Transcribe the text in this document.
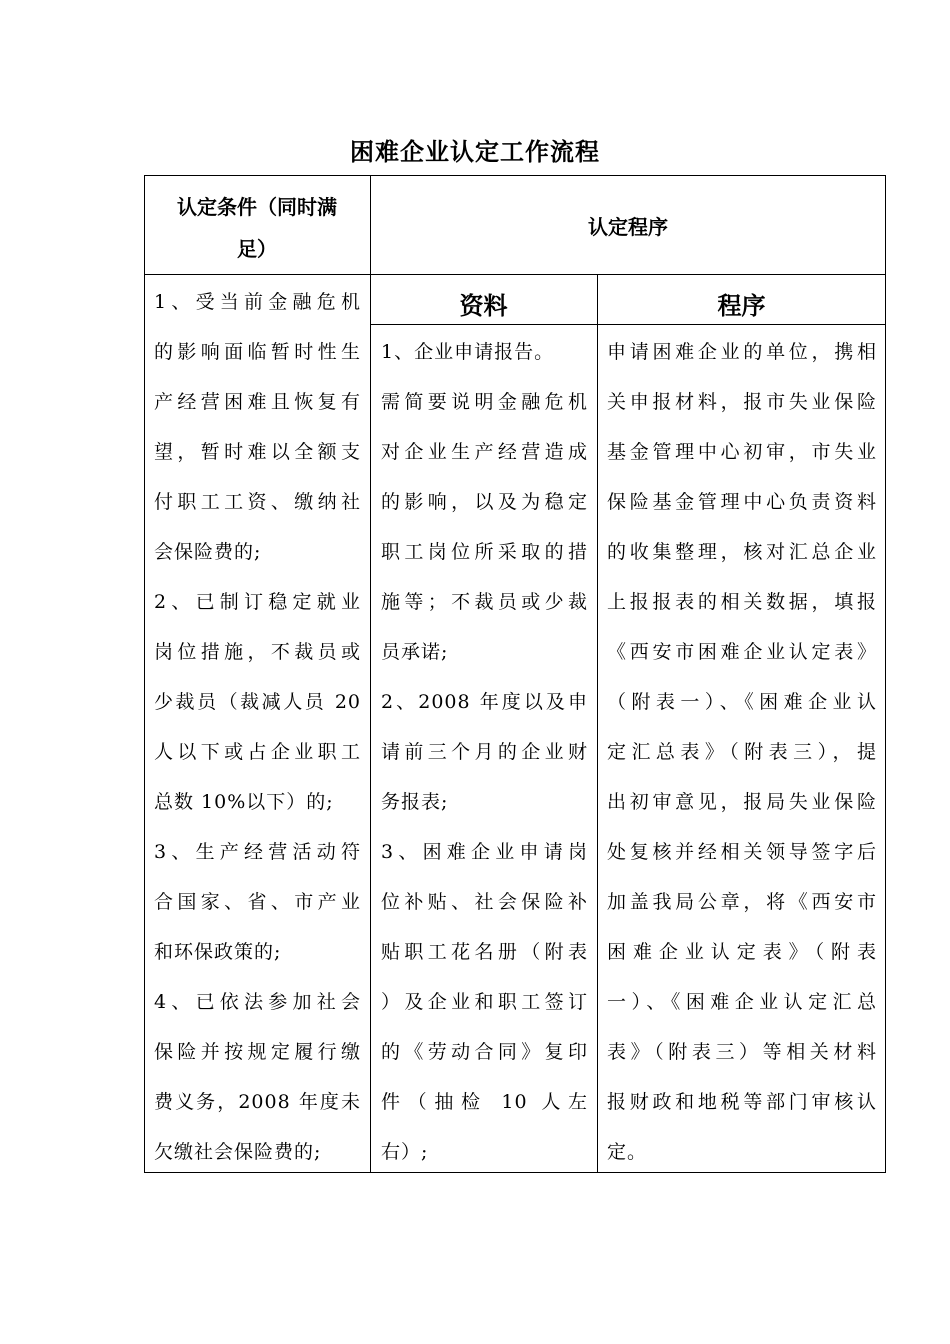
困难企业认定工作流程
认定条件（同时满
足）
认定程序
资料	程序
1、受当前金融危机
的影响面临暂时性生
产经营困难且恢复有
望，暂时难以全额支
付职工工资、缴纳社
会保险费的;
2、已制订稳定就业
岗位措施，不裁员或
少裁员（裁减人员 20
人以下或占企业职工
总数 10%以下）的;
3、生产经营活动符
合国家、省、市产业
和环保政策的;
4、已依法参加社会
保险并按规定履行缴
费义务，2008 年度未
欠缴社会保险费的;
1、企业申请报告。
需简要说明金融危机
对企业生产经营造成
的影响，以及为稳定
职工岗位所采取的措
施等；不裁员或少裁
员承诺;
2、2008 年度以及申
请前三个月的企业财
务报表;
3、困难企业申请岗
位补贴、社会保险补
贴职工花名册（附表
）及企业和职工签订
的《劳动合同》复印
件（抽检 10 人左
右）;
申请困难企业的单位，携相
关申报材料，报市失业保险
基金管理中心初审，市失业
保险基金管理中心负责资料
的收集整理，核对汇总企业
上报报表的相关数据，填报
《西安市困难企业认定表》
（附表一）、《困难企业认
定汇总表》（附表三），提
出初审意见，报局失业保险
处复核并经相关领导签字后
加盖我局公章，将《西安市
困难企业认定表》（附表
一）、《困难企业认定汇总
表》（附表三）等相关材料
报财政和地税等部门审核认
定。
